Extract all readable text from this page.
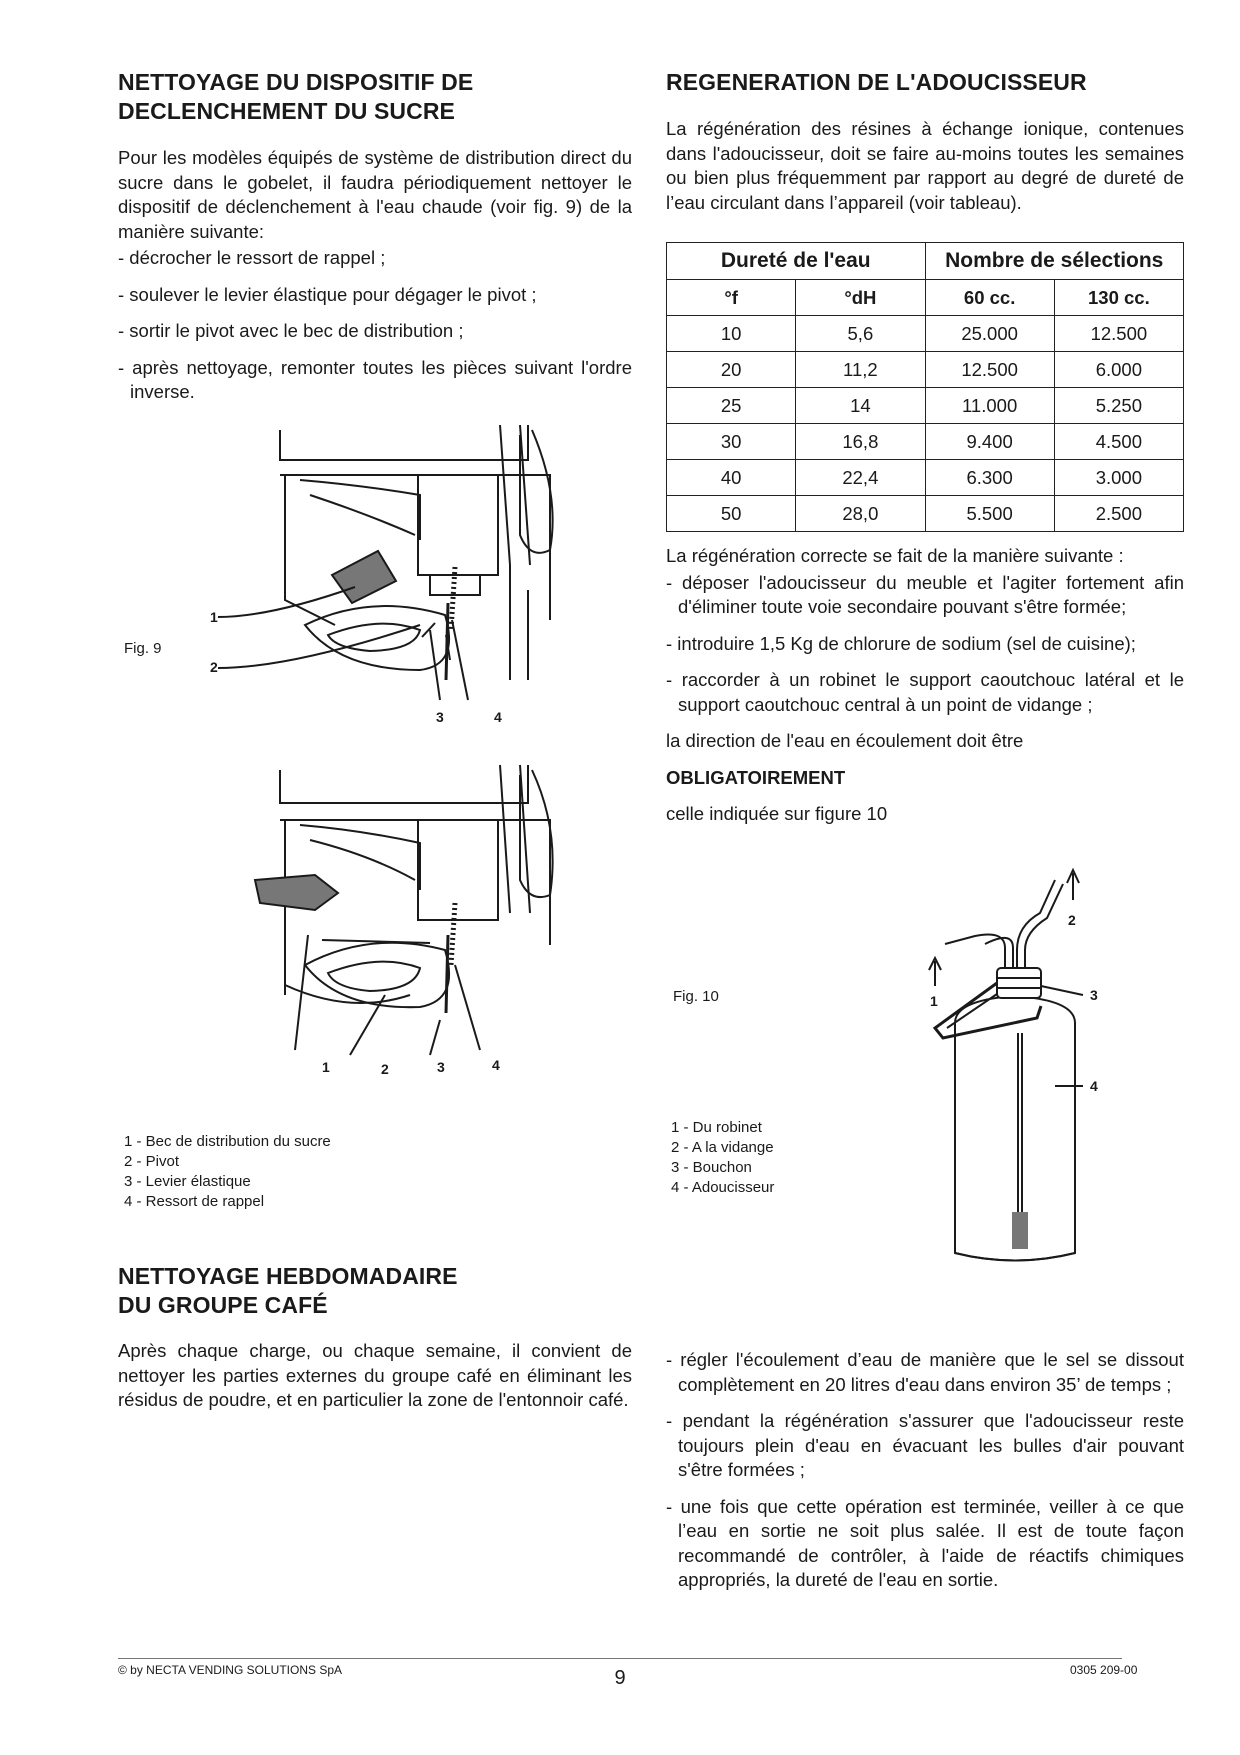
NETTOYAGE DU DISPOSITIF DE
DECLENCHEMENT DU SUCRE
Pour les modèles équipés de système de distribution direct du sucre dans le gobelet, il faudra périodiquement nettoyer le dispositif de déclenchement à l'eau chaude (voir fig. 9) de la manière suivante:
- décrocher le ressort de rappel ;
- soulever le levier élastique pour dégager le pivot ;
- sortir le pivot avec le bec de distribution ;
- après nettoyage, remonter toutes les pièces suivant l'ordre inverse.
Fig. 9
1
2
3	4
1	2	3	4
1 - Bec de distribution du sucre
2 - Pivot
3 - Levier élastique
4 - Ressort de rappel
NETTOYAGE HEBDOMADAIRE
DU GROUPE CAFÉ
Après chaque charge, ou chaque semaine, il convient de nettoyer les parties externes du groupe café en éliminant les résidus de poudre, et en particulier la zone de l'entonnoir café.
REGENERATION DE L'ADOUCISSEUR
La régénération des résines à échange ionique, contenues dans l'adoucisseur, doit se faire au-moins toutes les semaines ou bien plus fréquemment par rapport au degré de dureté de l’eau circulant dans l’appareil (voir tableau).
Dureté de l'eau		Nombre de sélections	
°f	°dH	60 cc.	130 cc.
10	5,6	25.000	12.500
20	11,2	12.500	6.000
25	14	11.000	5.250
30	16,8	9.400	4.500
40	22,4	6.300	3.000
50	28,0	5.500	2.500
La régénération correcte se fait de la manière suivante :
- déposer l'adoucisseur du meuble et l'agiter fortement afin d'éliminer toute voie secondaire pouvant s'être formée;
- introduire 1,5 Kg de chlorure de sodium (sel de cuisine);
- raccorder à un robinet le support caoutchouc latéral et le support caoutchouc central à un point de vidange ;
la direction de l'eau en écoulement doit être
OBLIGATOIREMENT
celle indiquée sur figure 10
Fig. 10	1
2
3
4
1 - Du robinet
2 - A la vidange
3 - Bouchon
4 - Adoucisseur
- régler l'écoulement d’eau de manière que le sel se dissout complètement en 20 litres d'eau dans environ 35’ de temps ;
- pendant la régénération s'assurer que l'adoucisseur reste toujours plein d'eau en évacuant les bulles d'air pouvant s'être formées ;
- une fois que cette opération est terminée, veiller à ce que l’eau en sortie ne soit plus salée. Il est de toute façon recommandé de contrôler, à l'aide de réactifs chimiques appropriés, la dureté de l'eau en sortie.
© by NECTA VENDING SOLUTIONS SpA	9	0305 209-00
